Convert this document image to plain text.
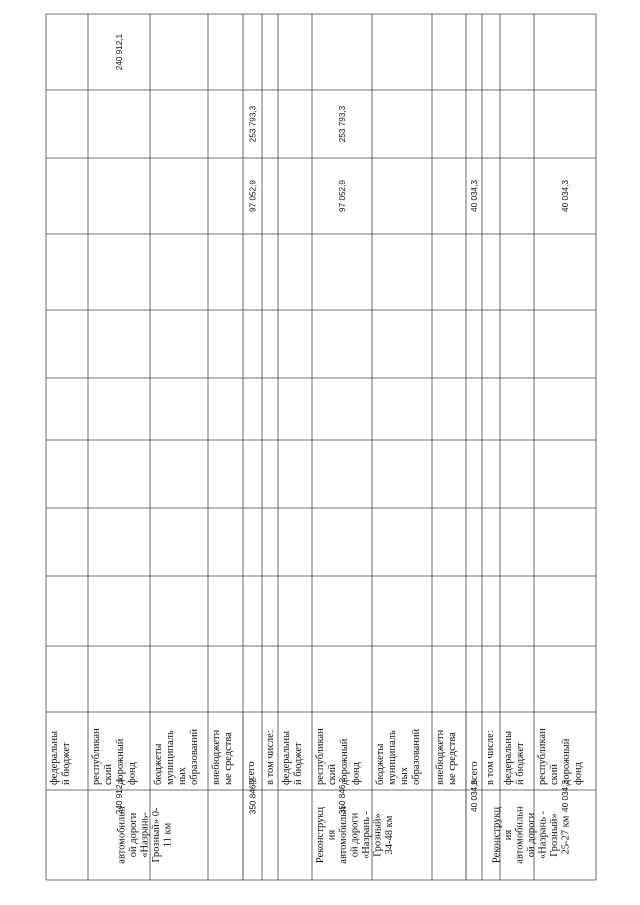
автомобильн ой дороги «Назрань- Грозный» 0- 11 км	Реконструкц ия автомобильн ой дороги «Назрань - Грозный» 34-48 км	Реконструкц ия автомобильн ой дороги «Назрань - Грозный» 25-27 км
федеральны й бюджет республикан ский дорожный фонд
240 912,1
240 912,1
бюджеты муниципаль ных образований внебюджетн ые средства всего
253 793,3
97 052,9
350 846,2
в том числе: федеральны й бюджет республикан ский дорожный фонд
253 793,3
97 052,9
350 846,2
бюджеты муниципаль ных образований внебюджетн ые средства всего
40 034,3
40 034,3
в том числе: федеральны й бюджет республикан ский дорожный фонд
40 034,3
40 034,3
